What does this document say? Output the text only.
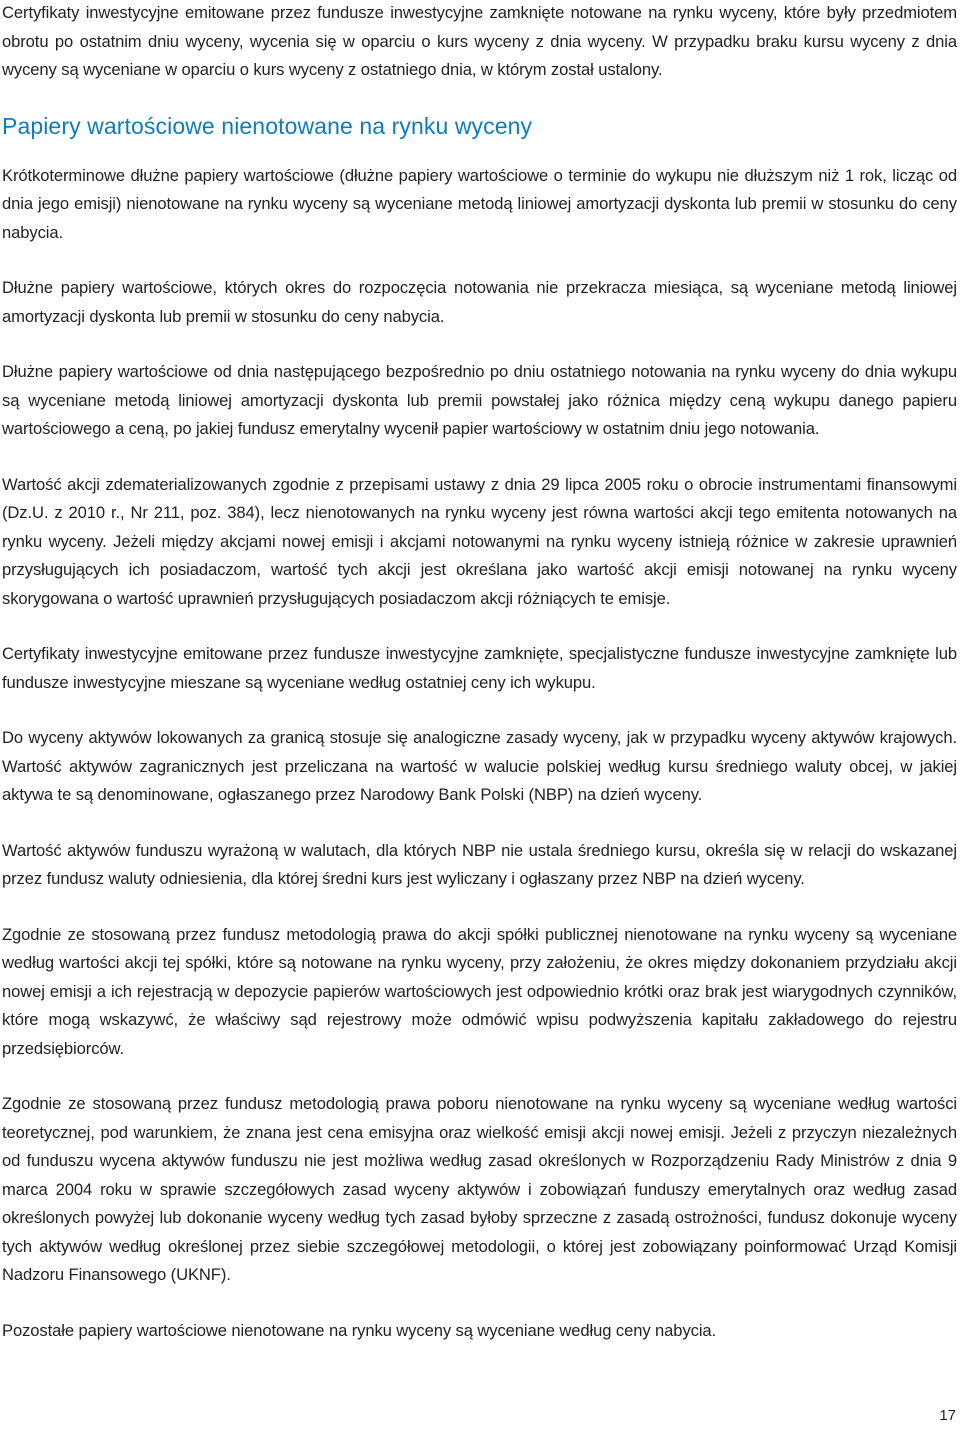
Certyfikaty inwestycyjne emitowane przez fundusze inwestycyjne zamknięte notowane na rynku wyceny, które były przedmiotem obrotu po ostatnim dniu wyceny, wycenia się w oparciu o kurs wyceny z dnia wyceny. W przypadku braku kursu wyceny z dnia wyceny są wyceniane w oparciu o kurs wyceny z ostatniego dnia, w którym został ustalony.

Papiery wartościowe nienotowane na rynku wyceny

Krótkoterminowe dłużne papiery wartościowe (dłużne papiery wartościowe o terminie do wykupu nie dłuższym niż 1 rok, licząc od dnia jego emisji) nienotowane na rynku wyceny są wyceniane metodą liniowej amortyzacji dyskonta lub premii w stosunku do ceny nabycia.

Dłużne papiery wartościowe, których okres do rozpoczęcia notowania nie przekracza miesiąca, są wyceniane metodą liniowej amortyzacji dyskonta lub premii w stosunku do ceny nabycia.

Dłużne papiery wartościowe od dnia następującego bezpośrednio po dniu ostatniego notowania na rynku wyceny do dnia wykupu są wyceniane metodą liniowej amortyzacji dyskonta lub premii powstałej jako różnica między ceną wykupu danego papieru wartościowego a ceną, po jakiej fundusz emerytalny wycenił papier wartościowy w ostatnim dniu jego notowania.

Wartość akcji zdematerializowanych zgodnie z przepisami ustawy z dnia 29 lipca 2005 roku o obrocie instrumentami finansowymi (Dz.U. z 2010 r., Nr 211, poz. 384), lecz nienotowanych na rynku wyceny jest równa wartości akcji tego emitenta notowanych na rynku wyceny. Jeżeli między akcjami nowej emisji i akcjami notowanymi na rynku wyceny istnieją różnice w zakresie uprawnień przysługujących ich posiadaczom, wartość tych akcji jest określana jako wartość akcji emisji notowanej na rynku wyceny skorygowana o wartość uprawnień przysługujących posiadaczom akcji różniących te emisje.

Certyfikaty inwestycyjne emitowane przez fundusze inwestycyjne zamknięte, specjalistyczne fundusze inwestycyjne zamknięte lub fundusze inwestycyjne mieszane są wyceniane według ostatniej ceny ich wykupu.

Do wyceny aktywów lokowanych za granicą stosuje się analogiczne zasady wyceny, jak w przypadku wyceny aktywów krajowych. Wartość aktywów zagranicznych jest przeliczana na wartość w walucie polskiej według kursu średniego waluty obcej, w jakiej aktywa te są denominowane, ogłaszanego przez Narodowy Bank Polski (NBP) na dzień wyceny.

Wartość aktywów funduszu wyrażoną w walutach, dla których NBP nie ustala średniego kursu, określa się w relacji do wskazanej przez fundusz waluty odniesienia, dla której średni kurs jest wyliczany i ogłaszany przez NBP na dzień wyceny.

Zgodnie ze stosowaną przez fundusz metodologią prawa do akcji spółki publicznej nienotowane na rynku wyceny są wyceniane według wartości akcji tej spółki, które są notowane na rynku wyceny, przy założeniu, że okres między dokonaniem przydziału akcji nowej emisji a ich rejestracją w depozycie papierów wartościowych jest odpowiednio krótki oraz brak jest wiarygodnych czynników, które mogą wskazywć, że właściwy sąd rejestrowy może odmówić wpisu podwyższenia kapitału zakładowego do rejestru przedsiębiorców.

Zgodnie ze stosowaną przez fundusz metodologią prawa poboru nienotowane na rynku wyceny są wyceniane według wartości teoretycznej, pod warunkiem, że znana jest cena emisyjna oraz wielkość emisji akcji nowej emisji. Jeżeli z przyczyn niezależnych od funduszu wycena aktywów funduszu nie jest możliwa według zasad określonych w Rozporządzeniu Rady Ministrów z dnia 9 marca 2004 roku w sprawie szczegółowych zasad wyceny aktywów i zobowiązań funduszy emerytalnych oraz według zasad określonych powyżej lub dokonanie wyceny według tych zasad byłoby sprzeczne z zasadą ostrożności, fundusz dokonuje wyceny tych aktywów według określonej przez siebie szczegółowej metodologii, o której jest zobowiązany poinformować Urząd Komisji Nadzoru Finansowego (UKNF).

Pozostałe papiery wartościowe nienotowane na rynku wyceny są wyceniane według ceny nabycia.

17
